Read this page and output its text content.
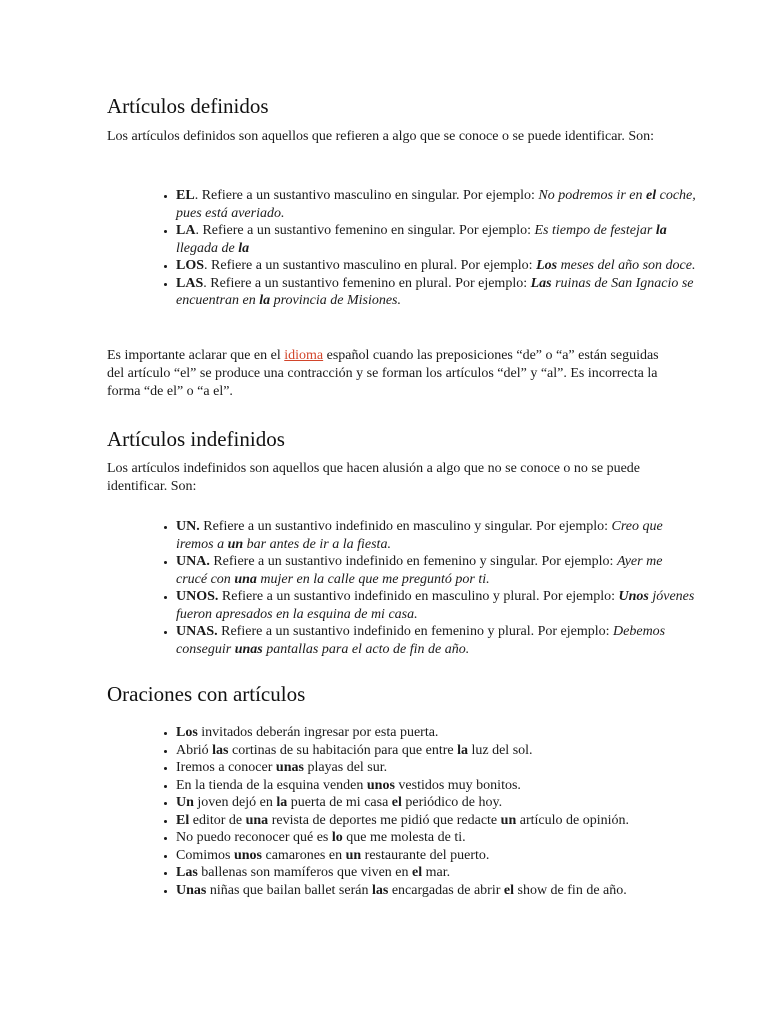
Artículos definidos

Los artículos definidos son aquellos que refieren a algo que se conoce o se puede identificar. Son:

• EL. Refiere a un sustantivo masculino en singular. Por ejemplo: No podremos ir en el coche, pues está averiado.
• LA. Refiere a un sustantivo femenino en singular. Por ejemplo: Es tiempo de festejar la llegada de la
• LOS. Refiere a un sustantivo masculino en plural. Por ejemplo: Los meses del año son doce.
• LAS. Refiere a un sustantivo femenino en plural. Por ejemplo: Las ruinas de San Ignacio se encuentran en la provincia de Misiones.

Es importante aclarar que en el idioma español cuando las preposiciones “de” o “a” están seguidas del artículo “el” se produce una contracción y se forman los artículos “del” y “al”. Es incorrecta la forma “de el” o “a el”.

Artículos indefinidos

Los artículos indefinidos son aquellos que hacen alusión a algo que no se conoce o no se puede identificar. Son:

• UN. Refiere a un sustantivo indefinido en masculino y singular. Por ejemplo: Creo que iremos a un bar antes de ir a la fiesta.
• UNA. Refiere a un sustantivo indefinido en femenino y singular. Por ejemplo: Ayer me crucé con una mujer en la calle que me preguntó por ti.
• UNOS. Refiere a un sustantivo indefinido en masculino y plural. Por ejemplo: Unos jóvenes fueron apresados en la esquina de mi casa.
• UNAS. Refiere a un sustantivo indefinido en femenino y plural. Por ejemplo: Debemos conseguir unas pantallas para el acto de fin de año.
Oraciones con artículos
• Los invitados deberán ingresar por esta puerta.
• Abrió las cortinas de su habitación para que entre la luz del sol.
• Iremos a conocer unas playas del sur.
• En la tienda de la esquina venden unos vestidos muy bonitos.
• Un joven dejó en la puerta de mi casa el periódico de hoy.
• El editor de una revista de deportes me pidió que redacte un artículo de opinión.
• No puedo reconocer qué es lo que me molesta de ti.
• Comimos unos camarones en un restaurante del puerto.
• Las ballenas son mamíferos que viven en el mar.
• Unas niñas que bailan ballet serán las encargadas de abrir el show de fin de año.
